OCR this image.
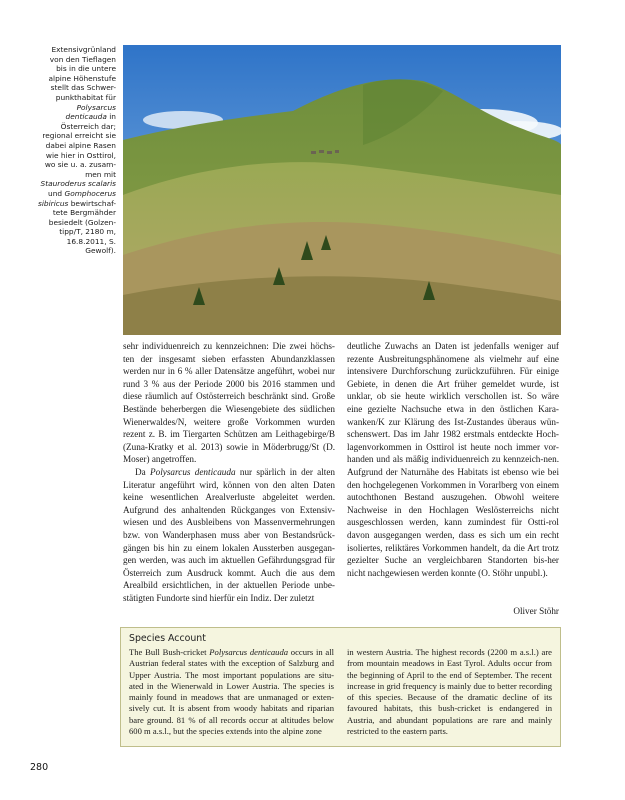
Extensivgrünland von den Tieflagen bis in die untere alpine Höhenstufe stellt das Schwer-punkthabitat für Polysarcus denticauda in Österreich dar; regional erreicht sie dabei alpine Rasen wie hier in Osttirol, wo sie u. a. zusam-men mit Stauroderus scalaris und Gomphocerus sibiricus bewirtschaf-tete Bergmähder besiedelt (Golzen-tipp/T, 2180 m, 16.8.2011, S. Gewolf).

sehr individuenreich zu kennzeichnen: Die zwei höchs-ten der insgesamt sieben erfassten Abundanzklassen werden nur in 6 % aller Datensätze angeführt, wobei nur rund 3 % aus der Periode 2000 bis 2016 stammen und diese räumlich auf Ostösterreich beschränkt sind. Große Bestände beherbergen die Wiesengebiete des südlichen Wienerwaldes/N, weitere große Vorkommen wurden rezent z. B. im Tiergarten Schützen am Leithagebirge/B (Zuna-Kratky et al. 2013) sowie in Möderbrugg/St (D. Moser) angetroffen.

Da Polysarcus denticauda nur spärlich in der alten Literatur angeführt wird, können von den alten Daten keine wesentlichen Arealverluste abgeleitet werden. Aufgrund des anhaltenden Rückganges von Extensiv-wiesen und des Ausbleibens von Massenvermehrungen bzw. von Wanderphasen muss aber von Bestandsrück-gängen bis hin zu einem lokalen Aussterben ausgegan-gen werden, was auch im aktuellen Gefährdungsgrad für Österreich zum Ausdruck kommt. Auch die aus dem Arealbild ersichtlichen, in der aktuellen Periode unbe-stätigten Fundorte sind hierfür ein Indiz. Der zuletzt

deutliche Zuwachs an Daten ist jedenfalls weniger auf rezente Ausbreitungsphänomene als vielmehr auf eine intensivere Durchforschung zurückzuführen. Für einige Gebiete, in denen die Art früher gemeldet wurde, ist unklar, ob sie heute wirklich verschollen ist. So wäre eine gezielte Nachsuche etwa in den östlichen Kara-wanken/K zur Klärung des Ist-Zustandes überaus wün-schenswert. Das im Jahr 1982 erstmals entdeckte Hoch-lagenvorkommen in Osttirol ist heute noch immer vor-handen und als mäßig individuenreich zu kennzeich-nen. Aufgrund der Naturnähe des Habitats ist ebenso wie bei den hochgelegenen Vorkommen in Vorarlberg von einem autochthonen Bestand auszugehen. Obwohl weitere Nachweise in den Hochlagen Weslösterreichs nicht ausgeschlossen werden, kann zumindest für Ostti-rol davon ausgegangen werden, dass es sich um ein recht isoliertes, reliktäres Vorkommen handelt, da die Art trotz gezielter Suche an vergleichbaren Standorten bis-her nicht nachgewiesen werden konnte (O. Stöhr unpubl.).

Oliver Stöhr
Species Account

The Bull Bush-cricket Polysarcus denticauda occurs in all Austrian federal states with the exception of Salzburg and Upper Austria. The most important populations are situ-ated in the Wienerwald in Lower Austria. The species is mainly found in meadows that are unmanaged or exten-sively cut. It is absent from woody habitats and riparian bare ground. 81 % of all records occur at altitudes below 600 m a.s.l., but the species extends into the alpine zone

in western Austria. The highest records (2200 m a.s.l.) are from mountain meadows in East Tyrol. Adults occur from the beginning of April to the end of September. The recent increase in grid frequency is mainly due to better recording of this species. Because of the dramatic decline of its favoured habitats, this bush-cricket is endangered in Austria, and abundant populations are rare and mainly restricted to the eastern parts.

280
